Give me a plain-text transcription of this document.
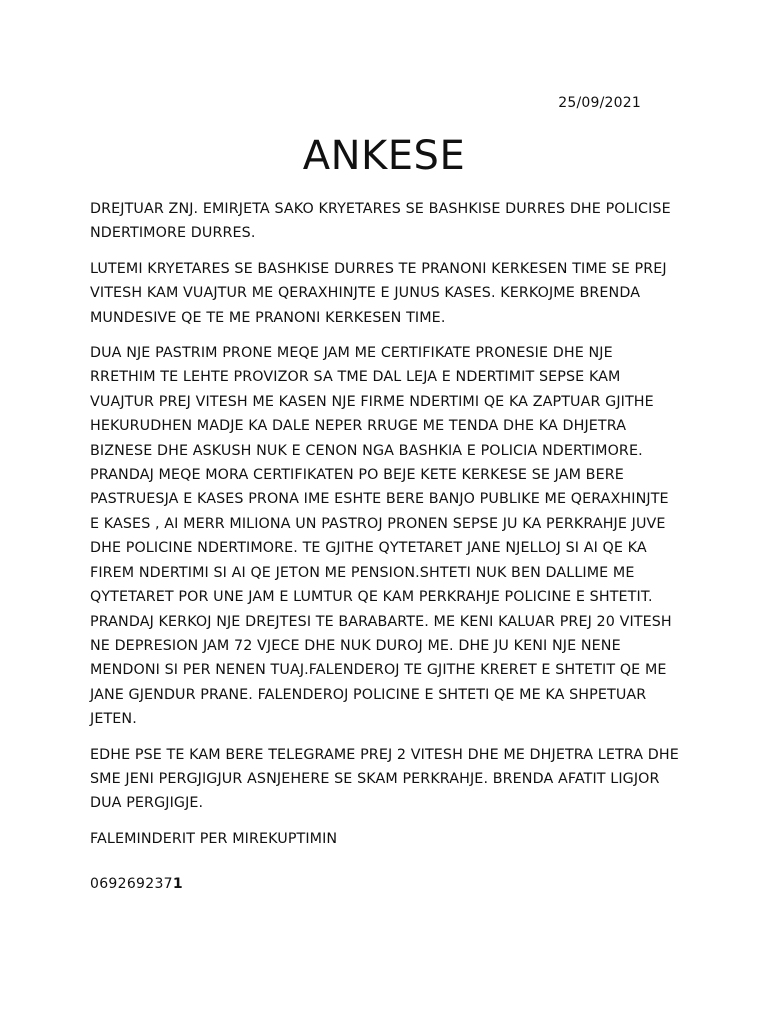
25/09/2021
ANKESE

DREJTUAR ZNJ. EMIRJETA SAKO KRYETARES SE BASHKISE DURRES DHE POLICISE
NDERTIMORE DURRES.

LUTEMI KRYETARES SE BASHKISE DURRES TE PRANONI KERKESEN TIME SE PREJ
VITESH KAM VUAJTUR ME QERAXHINJTE E JUNUS KASES. KERKOJME BRENDA
MUNDESIVE QE TE ME PRANONI KERKESEN TIME.

DUA NJE PASTRIM PRONE MEQE JAM ME CERTIFIKATE PRONESIE DHE NJE
RRETHIM TE LEHTE PROVIZOR SA TME DAL LEJA E NDERTIMIT SEPSE KAM
VUAJTUR PREJ VITESH ME KASEN NJE FIRME NDERTIMI QE KA ZAPTUAR GJITHE
HEKURUDHEN MADJE KA DALE NEPER RRUGE ME TENDA DHE KA DHJETRA
BIZNESE DHE ASKUSH NUK E CENON NGA BASHKIA E POLICIA NDERTIMORE.
PRANDAJ MEQE MORA CERTIFIKATEN PO BEJE KETE KERKESE SE JAM BERE
PASTRUESJA E KASES PRONA IME ESHTE BERE BANJO PUBLIKE ME QERAXHINJTE
E KASES , AI MERR MILIONA UN PASTROJ PRONEN SEPSE JU KA PERKRAHJE JUVE
DHE POLICINE NDERTIMORE. TE GJITHE QYTETARET JANE NJELLOJ SI AI QE KA
FIREM NDERTIMI SI AI QE JETON ME PENSION.SHTETI NUK BEN DALLIME ME
QYTETARET POR UNE JAM E LUMTUR QE KAM PERKRAHJE POLICINE E SHTETIT.
PRANDAJ KERKOJ NJE DREJTESI TE BARABARTE. ME KENI KALUAR PREJ 20 VITESH
NE DEPRESION JAM 72 VJECE DHE NUK DUROJ ME. DHE JU KENI NJE NENE
MENDONI SI PER NENEN TUAJ.FALENDEROJ TE GJITHE KRERET E SHTETIT QE ME
JANE GJENDUR PRANE. FALENDEROJ POLICINE E SHTETI QE ME KA SHPETUAR
JETEN.

EDHE PSE TE KAM BERE TELEGRAME PREJ 2 VITESH DHE ME DHJETRA LETRA DHE
SME JENI PERGJIGJUR ASNJEHERE SE SKAM PERKRAHJE. BRENDA AFATIT LIGJOR
DUA PERGJIGJE.

FALEMINDERIT PER MIREKUPTIMIN

0692692371
